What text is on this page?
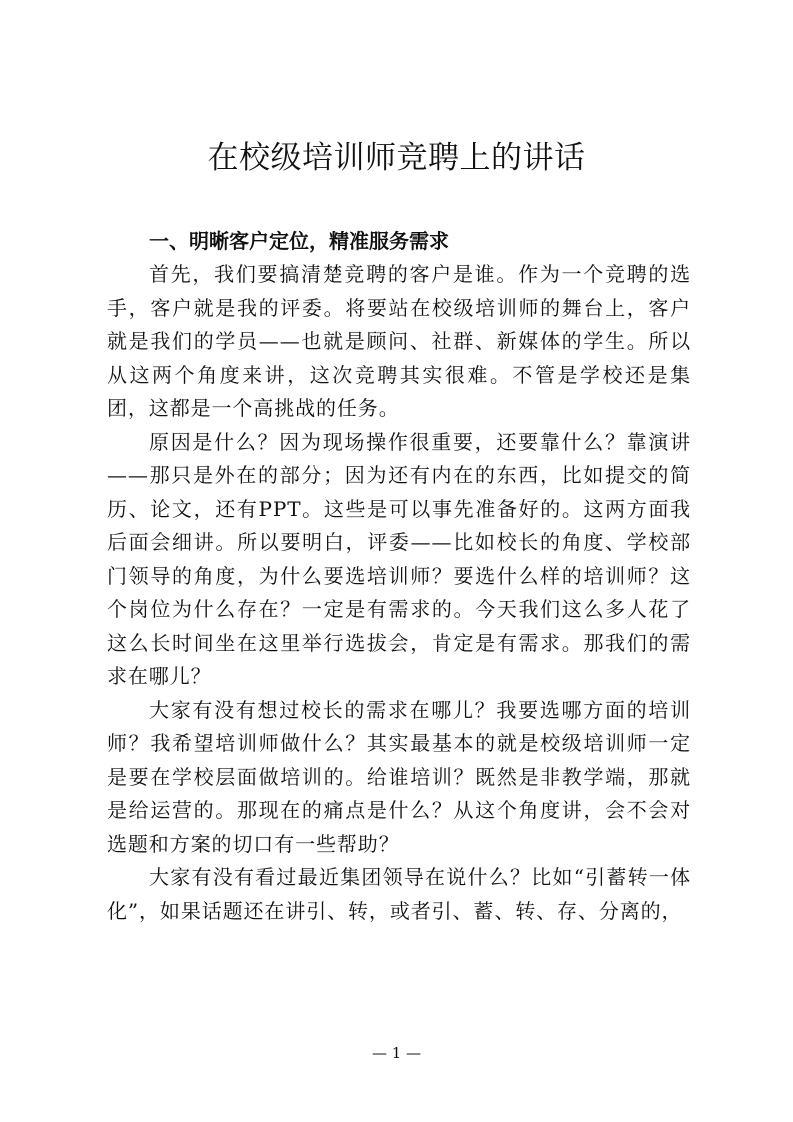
在校级培训师竞聘上的讲话

一、明晰客户定位，精准服务需求

首先，我们要搞清楚竞聘的客户是谁。作为一个竞聘的选手，客户就是我的评委。将要站在校级培训师的舞台上，客户就是我们的学员——也就是顾问、社群、新媒体的学生。所以从这两个角度来讲，这次竞聘其实很难。不管是学校还是集团，这都是一个高挑战的任务。

原因是什么？因为现场操作很重要，还要靠什么？靠演讲——那只是外在的部分；因为还有内在的东西，比如提交的简历、论文，还有PPT。这些是可以事先准备好的。这两方面我后面会细讲。所以要明白，评委——比如校长的角度、学校部门领导的角度，为什么要选培训师？要选什么样的培训师？这个岗位为什么存在？一定是有需求的。今天我们这么多人花了这么长时间坐在这里举行选拔会，肯定是有需求。那我们的需求在哪儿？

大家有没有想过校长的需求在哪儿？我要选哪方面的培训师？我希望培训师做什么？其实最基本的就是校级培训师一定是要在学校层面做培训的。给谁培训？既然是非教学端，那就是给运营的。那现在的痛点是什么？从这个角度讲，会不会对选题和方案的切口有一些帮助？

大家有没有看过最近集团领导在说什么？比如“引蓄转一体化”，如果话题还在讲引、转，或者引、蓄、转、存、分离的，

— 1 —
